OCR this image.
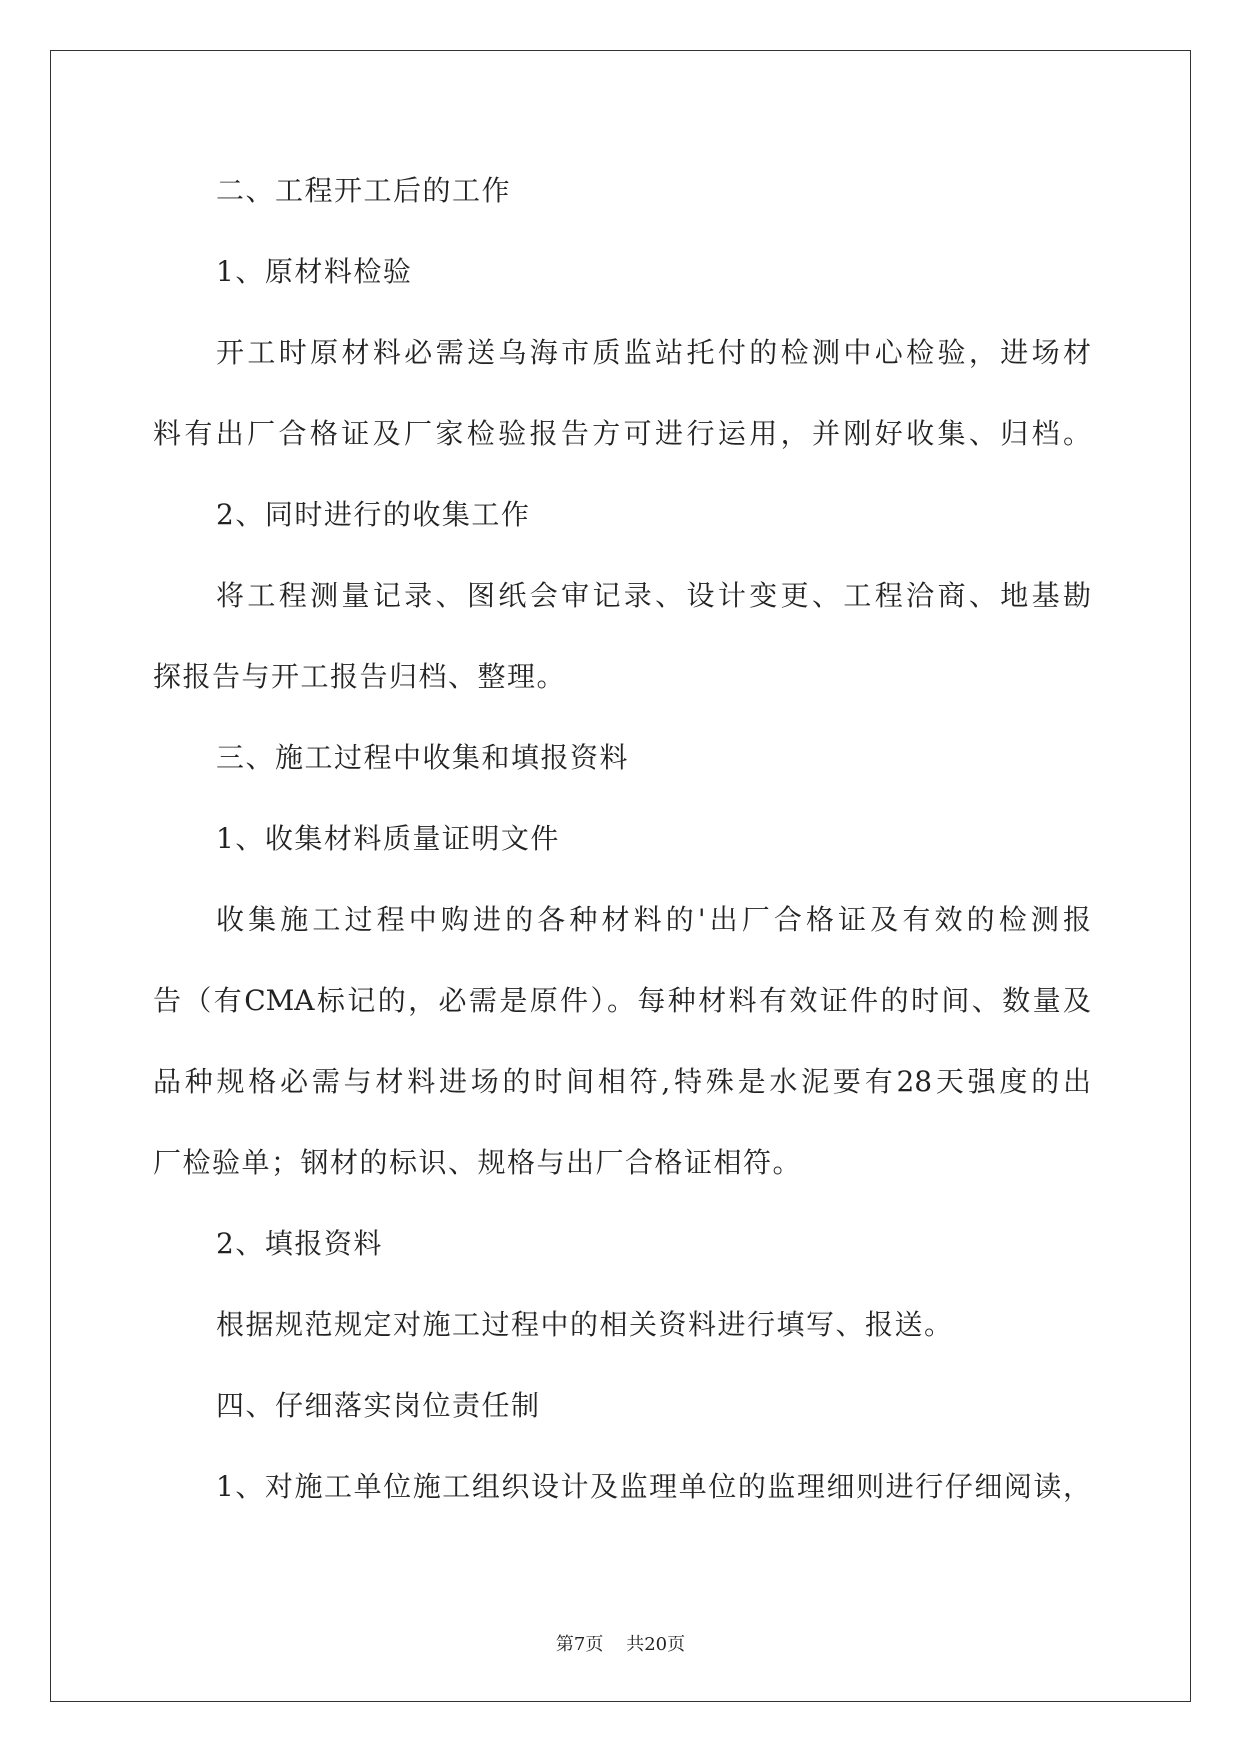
二、工程开工后的工作
1、原材料检验
开工时原材料必需送乌海市质监站托付的检测中心检验，进场材
料有出厂合格证及厂家检验报告方可进行运用，并刚好收集、归档。
2、同时进行的收集工作
将工程测量记录、图纸会审记录、设计变更、工程洽商、地基勘
探报告与开工报告归档、整理。
三、施工过程中收集和填报资料
1、收集材料质量证明文件
收集施工过程中购进的各种材料的'出厂合格证及有效的检测报
告（有CMA标记的，必需是原件）。每种材料有效证件的时间、数量及
品种规格必需与材料进场的时间相符,特殊是水泥要有28天强度的出
厂检验单；钢材的标识、规格与出厂合格证相符。
2、填报资料
根据规范规定对施工过程中的相关资料进行填写、报送。
四、仔细落实岗位责任制
1、对施工单位施工组织设计及监理单位的监理细则进行仔细阅读，
第7页 共20页
